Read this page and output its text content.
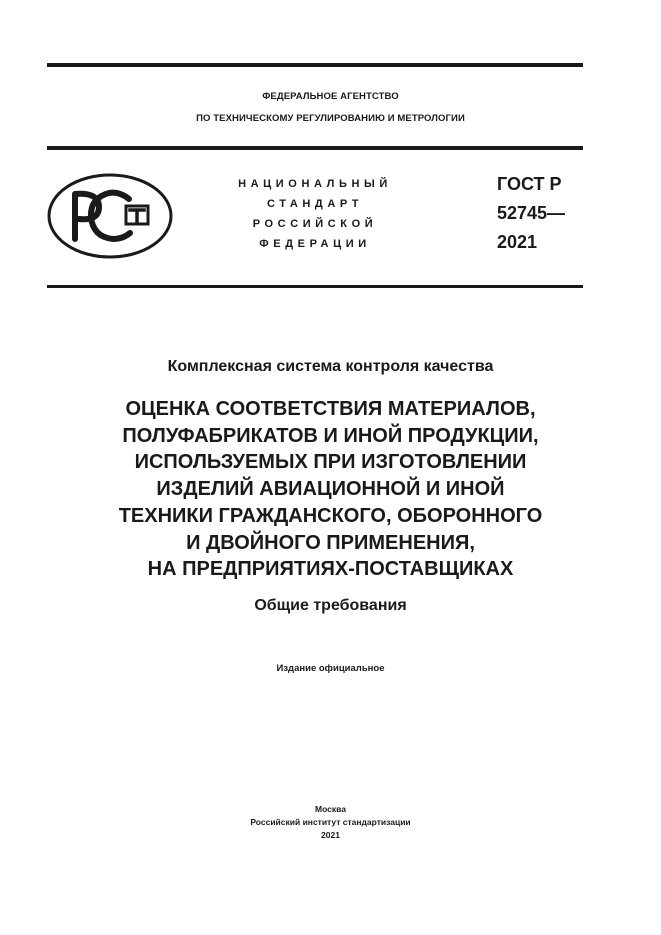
ФЕДЕРАЛЬНОЕ АГЕНТСТВО
ПО ТЕХНИЧЕСКОМУ РЕГУЛИРОВАНИЮ И МЕТРОЛОГИИ
НАЦИОНАЛЬНЫЙ
СТАНДАРТ
РОССИЙСКОЙ
ФЕДЕРАЦИИ
ГОСТ Р
52745—
2021
Комплексная система контроля качества
ОЦЕНКА СООТВЕТСТВИЯ МАТЕРИАЛОВ,
ПОЛУФАБРИКАТОВ И ИНОЙ ПРОДУКЦИИ,
ИСПОЛЬЗУЕМЫХ ПРИ ИЗГОТОВЛЕНИИ
ИЗДЕЛИЙ АВИАЦИОННОЙ И ИНОЙ
ТЕХНИКИ ГРАЖДАНСКОГО, ОБОРОННОГО
И ДВОЙНОГО ПРИМЕНЕНИЯ,
НА ПРЕДПРИЯТИЯХ-ПОСТАВЩИКАХ
Общие требования
Издание официальное
Москва
Российский институт стандартизации
2021
